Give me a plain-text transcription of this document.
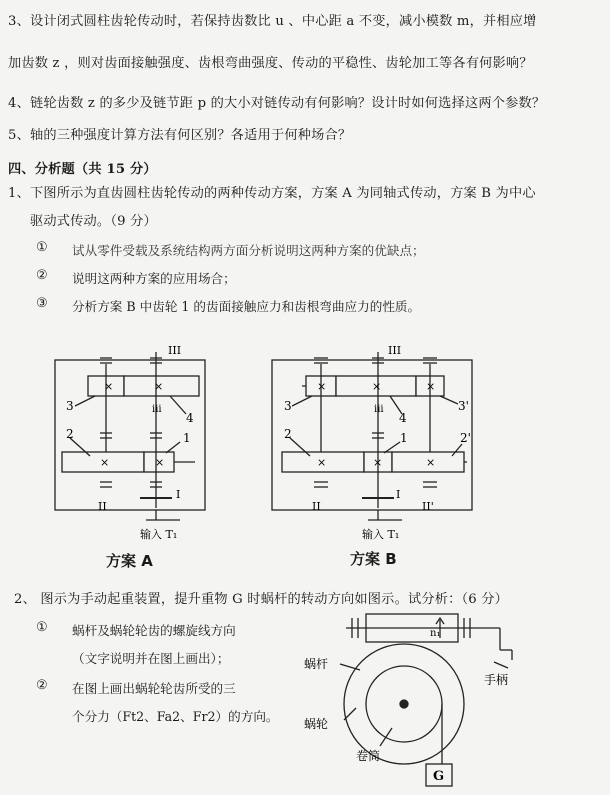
3、设计闭式圆柱齿轮传动时，若保持齿数比 u 、中心距 a 不变，减小模数 m，并相应增
加齿数 z ，则对齿面接触强度、齿根弯曲强度、传动的平稳性、齿轮加工等各有何影响？
4、链轮齿数 z 的多少及链节距 p 的大小对链传动有何影响？设计时如何选择这两个参数？
5、轴的三种强度计算方法有何区别？各适用于何种场合？
四、分析题（共 15 分）
1、下图所示为直齿圆柱齿轮传动的两种传动方案，方案 A 为同轴式传动，方案 B 为中心
驱动式传动。（9 分）
① 试从零件受载及系统结构两方面分析说明这两种方案的优缺点；
② 说明这两种方案的应用场合；
③ 分析方案 B 中齿轮 1 的齿面接触应力和齿根弯曲应力的性质。
×	×
×	×
III
iii
3
4
2	1
II
I
输入 T₁
方案 A
×	×	×
×	×	×
III
iii
3
4
3'
2	1	2'
II
I
II'
输入 T₁
方案 B
2、 图示为手动起重装置，提升重物 G 时蜗杆的转动方向如图示。试分析：（6 分）
① 蜗杆及蜗轮轮齿的螺旋线方向
（文字说明并在图上画出）；
② 在图上画出蜗轮轮齿所受的三
个分力（Ft2、Fa2、Fr2）的方向。
n₁
蜗杆
蜗轮
手柄
卷筒
G
